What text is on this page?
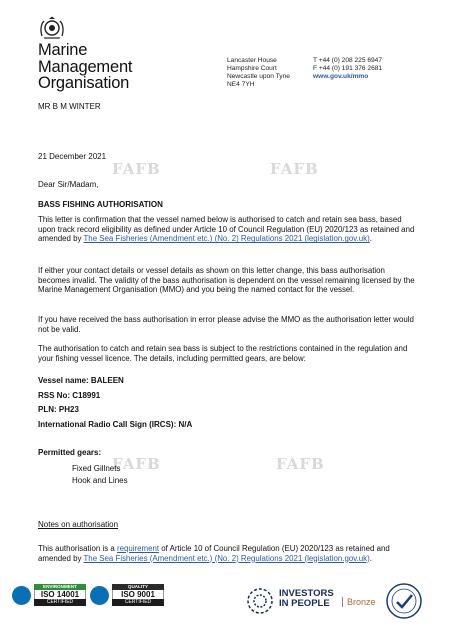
Marine
Management
Organisation
Lancaster House
Hampshire Court
Newcastle upon Tyne
NE4 7YH
T +44 (0) 208 225 6947
F +44 (0) 191 376 2681
www.gov.uk/mmo
MR B M WINTER
FAFB	FAFB
FAFB	FAFB
21 December 2021
Dear Sir/Madam,
BASS FISHING AUTHORISATION
This letter is confirmation that the vessel named below is authorised to catch and retain sea bass, based upon track record eligibility as defined under Article 10 of Council Regulation (EU) 2020/123 as retained and amended by The Sea Fisheries (Amendment etc.) (No. 2) Regulations 2021 (legislation.gov.uk).
If either your contact details or vessel details as shown on this letter change, this bass authorisation becomes invalid. The validity of the bass authorisation is dependent on the vessel remaining licensed by the Marine Management Organisation (MMO) and you being the named contact for the vessel.
If you have received the bass authorisation in error please advise the MMO as the authorisation letter would not be valid.
The authorisation to catch and retain sea bass is subject to the restrictions contained in the regulation and your fishing vessel licence. The details, including permitted gears, are below:
Vessel name: BALEEN
RSS No: C18991
PLN: PH23
International Radio Call Sign (IRCS): N/A
Permitted gears:
Fixed Gillnets
Hook and Lines
Notes on authorisation
This authorisation is a requirement of Article 10 of Council Regulation (EU) 2020/123 as retained and amended by The Sea Fisheries (Amendment etc.) (No. 2) Regulations 2021 (legislation.gov.uk).
ENVIRONMENT
ISO 14001
CERTIFIED
QUALITY
ISO 9001
CERTIFIED
INVESTORS
IN PEOPLE	Bronze
